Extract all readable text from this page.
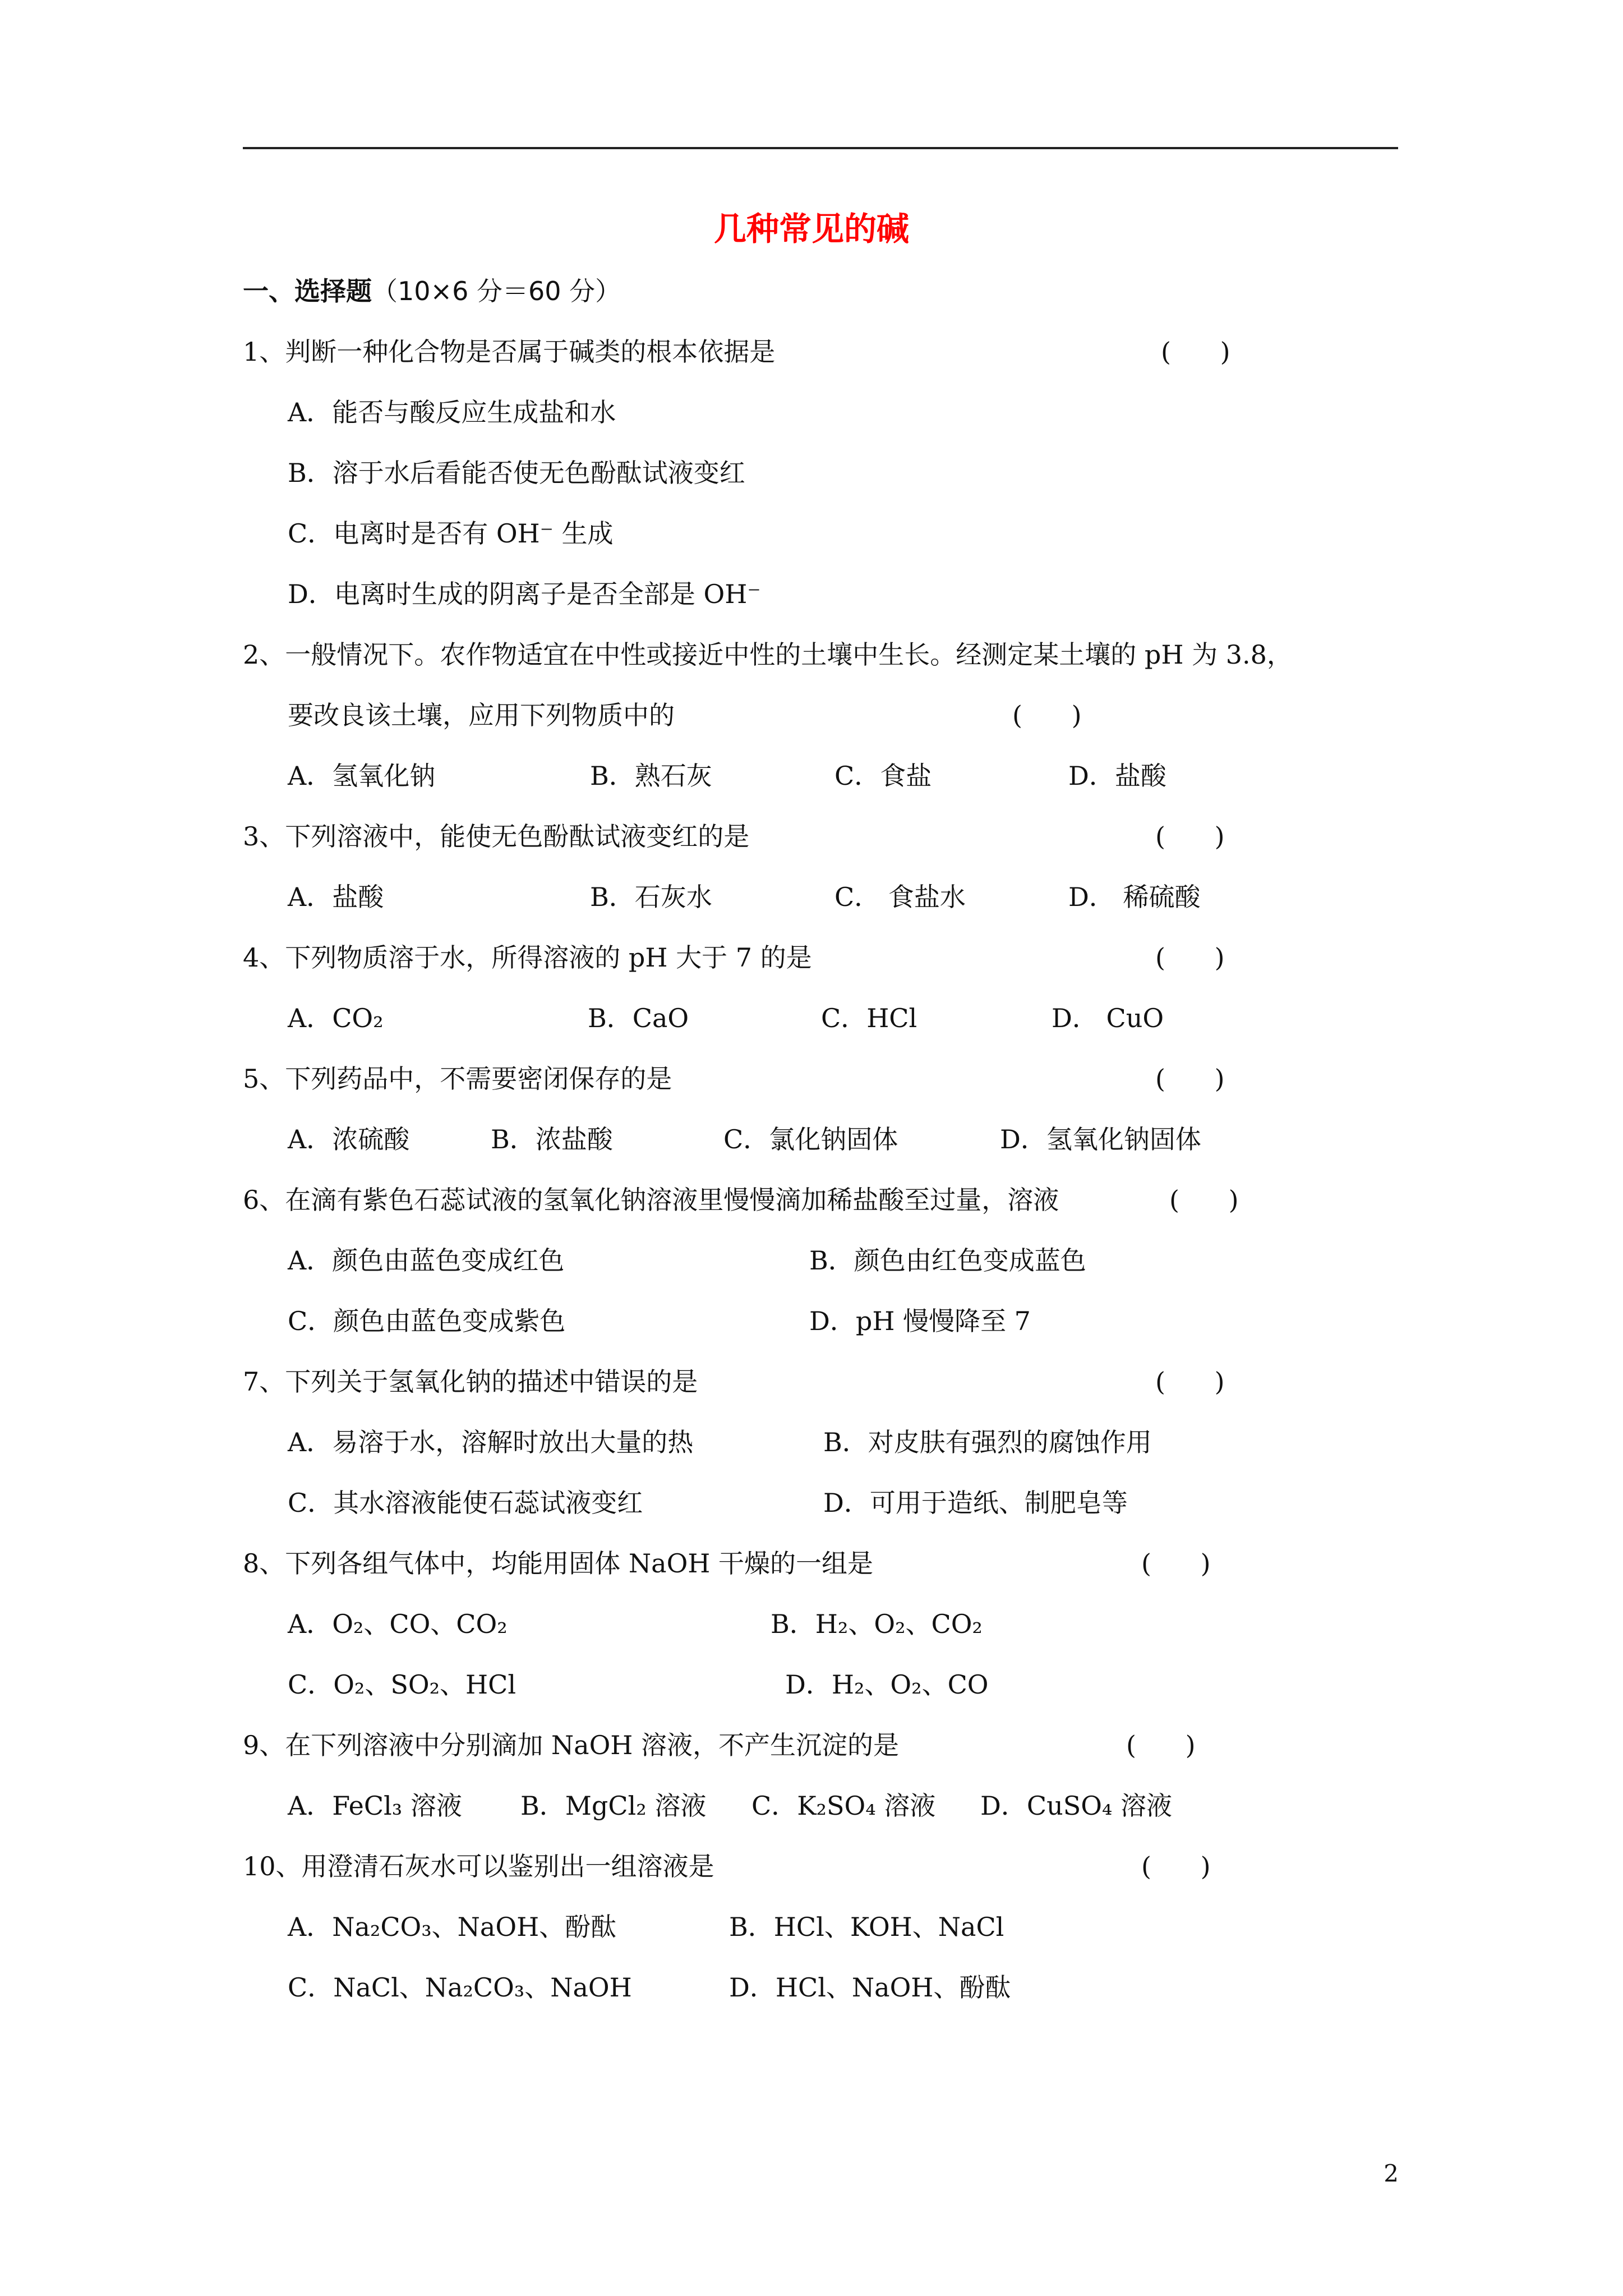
几种常见的碱
一、选择题（10×6 分＝60 分）
1、判断一种化合物是否属于碱类的根本依据是	(      )
A．能否与酸反应生成盐和水
B．溶于水后看能否使无色酚酞试液变红
C．电离时是否有 OH⁻ 生成
D．电离时生成的阴离子是否全部是 OH⁻
2、一般情况下。农作物适宜在中性或接近中性的土壤中生长。经测定某土壤的 pH 为 3.8，
要改良该土壤，应用下列物质中的	(      )
A．氢氧化钠	B．熟石灰	C．食盐	D．盐酸
3、下列溶液中，能使无色酚酞试液变红的是	(      )
A．盐酸	B．石灰水	C． 食盐水	D． 稀硫酸
4、下列物质溶于水，所得溶液的 pH 大于 7 的是	(      )
A．CO₂	B．CaO	C．HCl	D． CuO
5、下列药品中，不需要密闭保存的是	(      )
A．浓硫酸	B．浓盐酸	C．氯化钠固体	D．氢氧化钠固体
6、在滴有紫色石蕊试液的氢氧化钠溶液里慢慢滴加稀盐酸至过量，溶液	(      )
A．颜色由蓝色变成红色	B．颜色由红色变成蓝色
C．颜色由蓝色变成紫色	D．pH 慢慢降至 7
7、下列关于氢氧化钠的描述中错误的是	(      )
A．易溶于水，溶解时放出大量的热	B．对皮肤有强烈的腐蚀作用
C．其水溶液能使石蕊试液变红	D．可用于造纸、制肥皂等
8、下列各组气体中，均能用固体 NaOH 干燥的一组是	(      )
A．O₂、CO、CO₂	B．H₂、O₂、CO₂
C．O₂、SO₂、HCl	D．H₂、O₂、CO
9、在下列溶液中分别滴加 NaOH 溶液，不产生沉淀的是	(      )
A．FeCl₃ 溶液 B．MgCl₂ 溶液 C．K₂SO₄ 溶液 D．CuSO₄ 溶液
10、用澄清石灰水可以鉴别出一组溶液是	(      )
A．Na₂CO₃、NaOH、酚酞	B．HCl、KOH、NaCl
C．NaCl、Na₂CO₃、NaOH	D．HCl、NaOH、酚酞
2
